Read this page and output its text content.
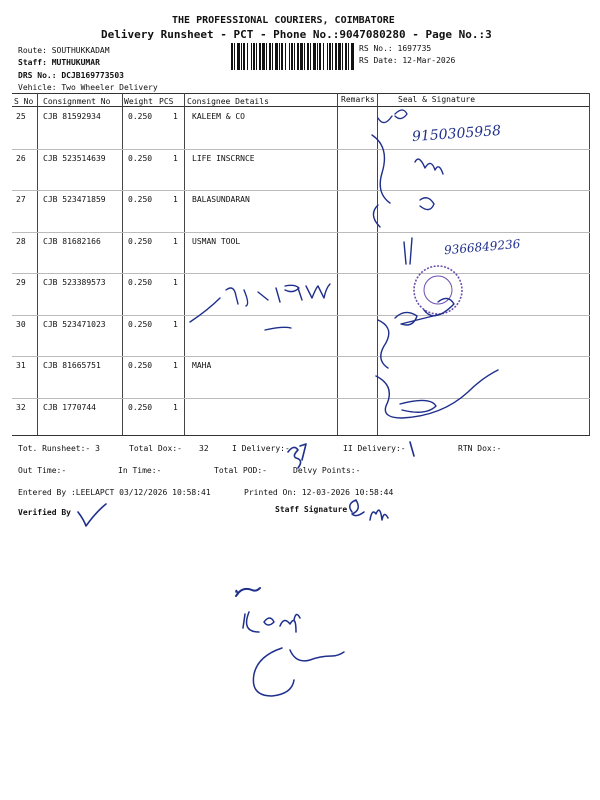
THE PROFESSIONAL COURIERS, COIMBATORE
Delivery Runsheet - PCT - Phone No.:9047080280 - Page No.:3
Route: SOUTHUKKADAM
Staff: MUTHUKUMAR
DRS No.: DCJB169773503
Vehicle: Two Wheeler Delivery
RS No.: 1697735
RS Date: 12-Mar-2026
S No Consignment No Weight PCS Consignee Details	Remarks	Seal & Signature
25 CJB 81592934	0.250	1 KALEEM & CO
26 CJB 523514639	0.250	1 LIFE INSCRNCE
27 CJB 523471859	0.250	1 BALASUNDARAN
28 CJB 81682166	0.250	1 USMAN TOOL
29 CJB 523389573	0.250	1
30 CJB 523471023	0.250	1
31 CJB 81665751	0.250	1 MAHA
32 CJB 1770744	0.250	1
Tot. Runsheet:- 3	Total Dox:- 32	I Delivery:-	II Delivery:-	RTN Dox:-
Out Time:-	In Time:-	Total POD:-	Delvy Points:-
Entered By :LEELAPCT 03/12/2026 10:58:41	Printed On: 12-03-2026 10:58:44
Verified By	Staff Signature
9150305958
9366849236
